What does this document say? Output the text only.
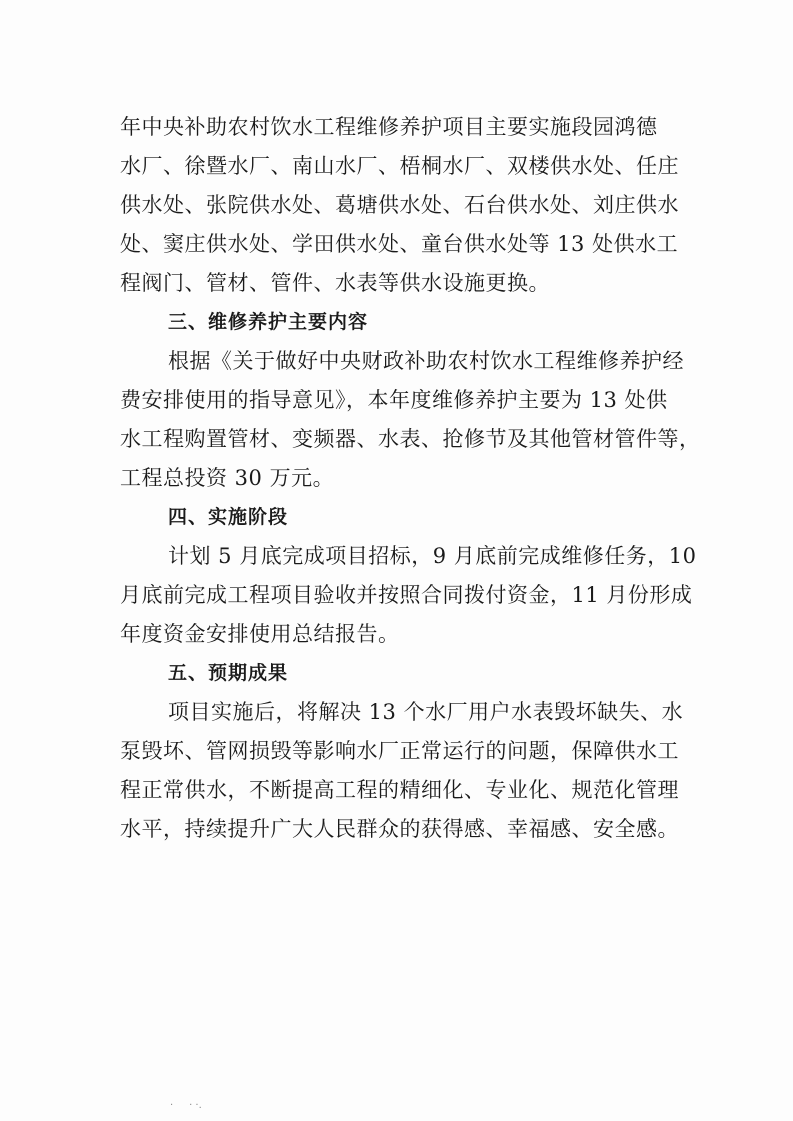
年中央补助农村饮水工程维修养护项目主要实施段园鸿德
水厂、徐暨水厂、南山水厂、梧桐水厂、双楼供水处、任庄
供水处、张院供水处、葛塘供水处、石台供水处、刘庄供水
处、窦庄供水处、学田供水处、童台供水处等 13 处供水工
程阀门、管材、管件、水表等供水设施更换。
三、维修养护主要内容
根据《关于做好中央财政补助农村饮水工程维修养护经
费安排使用的指导意见》，本年度维修养护主要为 13 处供
水工程购置管材、变频器、水表、抢修节及其他管材管件等，
工程总投资 30 万元。
四、实施阶段
计划 5 月底完成项目招标，9 月底前完成维修任务，10
月底前完成工程项目验收并按照合同拨付资金，11 月份形成
年度资金安排使用总结报告。
五、预期成果
项目实施后，将解决 13 个水厂用户水表毁坏缺失、水
泵毁坏、管网损毁等影响水厂正常运行的问题，保障供水工
程正常供水，不断提高工程的精细化、专业化、规范化管理
水平，持续提升广大人民群众的获得感、幸福感、安全感。
·     · ·.
